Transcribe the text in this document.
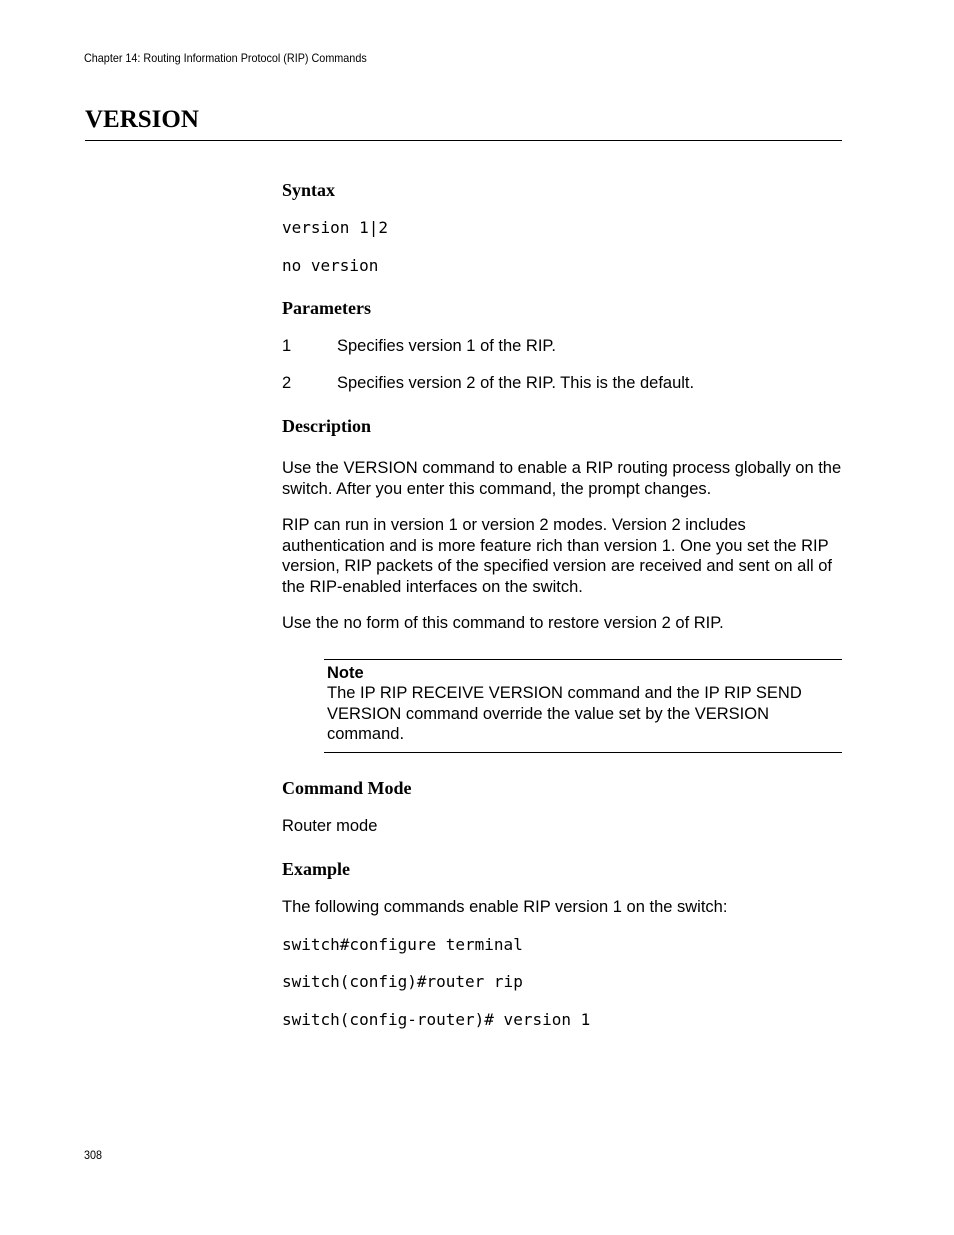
Chapter 14: Routing Information Protocol (RIP) Commands
VERSION
Syntax

version 1|2

no version

Parameters
1	Specifies version 1 of the RIP.
2	Specifies version 2 of the RIP. This is the default.
Description

Use the VERSION command to enable a RIP routing process globally on the switch. After you enter this command, the prompt changes.

RIP can run in version 1 or version 2 modes. Version 2 includes authentication and is more feature rich than version 1. One you set the RIP version, RIP packets of the specified version are received and sent on all of the RIP-enabled interfaces on the switch.

Use the no form of this command to restore version 2 of RIP.

Note

The IP RIP RECEIVE VERSION command and the IP RIP SEND VERSION command override the value set by the VERSION command.

Command Mode

Router mode

Example

The following commands enable RIP version 1 on the switch:

switch#configure terminal

switch(config)#router rip

switch(config-router)# version 1

308
